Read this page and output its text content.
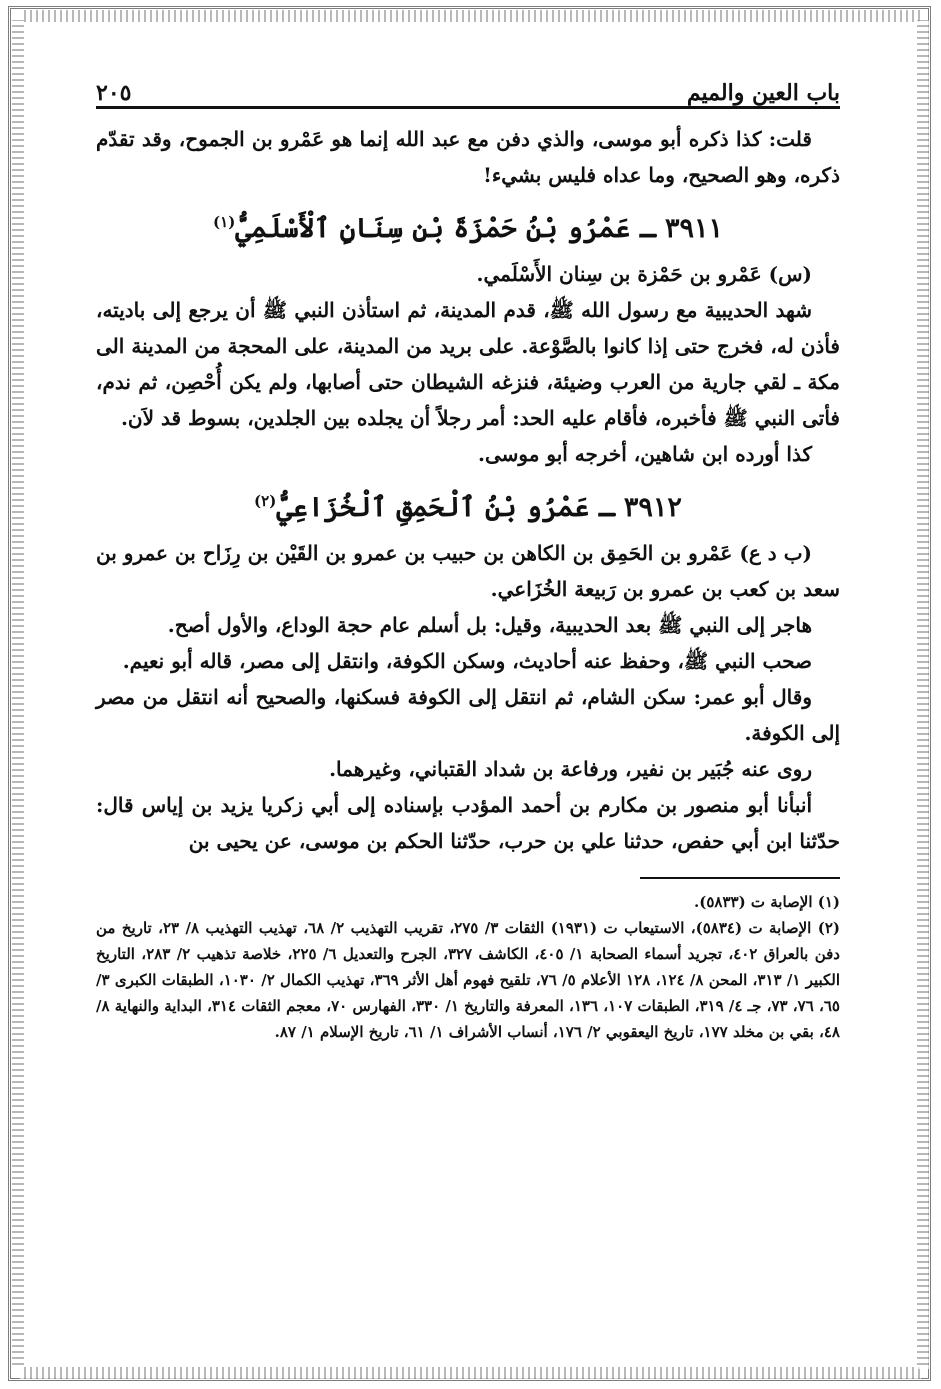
باب العين والميم
٢٠٥

قلت: كذا ذكره أبو موسى، والذي دفن مع عبد الله إنما هو عَمْرو بن الجموح، وقد تقدّم ذكره، وهو الصحيح، وما عداه فليس بشيء!

٣٩١١ ـ عَمْرُو بْنُ حَمْزَةَ بْنِ سِنَانٍ ٱلْأَسْلَمِيُّ$^{(١)}$

(س) عَمْرو بن حَمْزة بن سِنان الأَسْلَمي.

شهد الحديبية مع رسول الله ﷺ، قدم المدينة، ثم استأذن النبي ﷺ أن يرجع إلى باديته، فأذن له، فخرج حتى إذا كانوا بالصَّوْعة. على بريد من المدينة، على المحجة من المدينة الى مكة ـ لقي جارية من العرب وضيئة، فنزغه الشيطان حتى أصابها، ولم يكن أُحْصِن، ثم ندم، فأتى النبي ﷺ فأخبره، فأقام عليه الحد: أمر رجلاً أن يجلده بين الجلدين، بسوط قد لاَن.

كذا أورده ابن شاهين، أخرجه أبو موسى.

٣٩١٢ ـ عَمْرُو بْنُ ٱلْحَمِقِ ٱلْخُزَاعِيُّ$^{(٢)}$

(ب د ع) عَمْرو بن الحَمِق بن الكاهن بن حبيب بن عمرو بن القَيْن بن رِزَاح بن عمرو بن سعد بن كعب بن عمرو بن رَبيعة الخُزَاعي.

هاجر إلى النبي ﷺ بعد الحديبية، وقيل: بل أسلم عام حجة الوداع، والأول أصح.

صحب النبي ﷺ، وحفظ عنه أحاديث، وسكن الكوفة، وانتقل إلى مصر، قاله أبو نعيم.

وقال أبو عمر: سكن الشام، ثم انتقل إلى الكوفة فسكنها، والصحيح أنه انتقل من مصر إلى الكوفة.

روى عنه جُبَير بن نفير، ورفاعة بن شداد القتباني، وغيرهما.

أنبأنا أبو منصور بن مكارم بن أحمد المؤدب بإسناده إلى أبي زكريا يزيد بن إياس قال: حدّثنا ابن أبي حفص، حدثنا علي بن حرب، حدّثنا الحكم بن موسى، عن يحيى بن

(١) الإصابة ت (٥٨٣٣).

(٢) الإصابة ت (٥٨٣٤)، الاستيعاب ت (١٩٣١) الثقات ٣/ ٢٧٥، تقريب التهذيب ٢/ ٦٨، تهذيب التهذيب ٨/ ٢٣، تاريخ من دفن بالعراق ٤٠٢، تجريد أسماء الصحابة ١/ ٤٠٥، الكاشف ٣٢٧، الجرح والتعديل ٦/ ٢٢٥، خلاصة تذهيب ٢/ ٢٨٣، التاريخ الكبير ١/ ٣١٣، المحن ٨/ ١٢٤، ١٢٨ الأعلام ٥/ ٧٦، تلقيح فهوم أهل الأثر ٣٦٩، تهذيب الكمال ٢/ ١٠٣٠، الطبقات الكبرى ٣/ ٦٥، ٧٦، ٧٣، جـ ٤/ ٣١٩، الطبقات ١٠٧، ١٣٦، المعرفة والتاريخ ١/ ٣٣٠، الفهارس ٧٠، معجم الثقات ٣١٤، البداية والنهاية ٨/ ٤٨، بقي بن مخلد ١٧٧، تاريخ اليعقوبي ٢/ ١٧٦، أنساب الأشراف ١/ ٦١، تاريخ الإسلام ١/ ٨٧.
